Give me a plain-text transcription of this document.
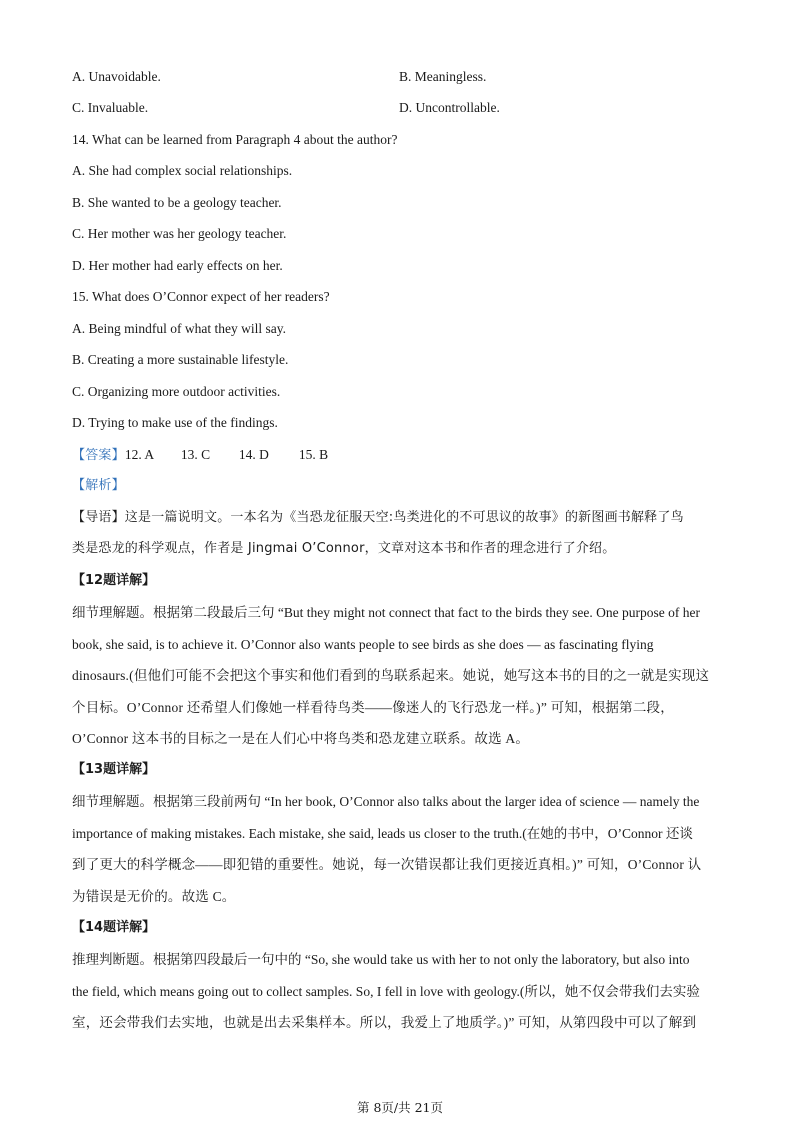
A. Unavoidable.	B. Meaningless.
C. Invaluable.	D. Uncontrollable.
14. What can be learned from Paragraph 4 about the author?
A. She had complex social relationships.
B. She wanted to be a geology teacher.
C. Her mother was her geology teacher.
D. Her mother had early effects on her.
15. What does O’Connor expect of her readers?
A. Being mindful of what they will say.
B. Creating a more sustainable lifestyle.
C. Organizing more outdoor activities.
D. Trying to make use of the findings.
【答案】12. A 13. C 14. D 15. B
【解析】
【导语】这是一篇说明文。一本名为《当恐龙征服天空:鸟类进化的不可思议的故事》的新图画书解释了鸟
类是恐龙的科学观点，作者是 Jingmai O’Connor，文章对这本书和作者的理念进行了介绍。
【12题详解】
细节理解题。根据第二段最后三句 “But they might not connect that fact to the birds they see. One purpose of her
book, she said, is to achieve it. O’Connor also wants people to see birds as she does — as fascinating flying
dinosaurs.(但他们可能不会把这个事实和他们看到的鸟联系起来。她说，她写这本书的目的之一就是实现这
个目标。O’Connor 还希望人们像她一样看待鸟类——像迷人的飞行恐龙一样。)” 可知，根据第二段，
O’Connor 这本书的目标之一是在人们心中将鸟类和恐龙建立联系。故选 A。
【13题详解】
细节理解题。根据第三段前两句 “In her book, O’Connor also talks about the larger idea of science — namely the
importance of making mistakes. Each mistake, she said, leads us closer to the truth.(在她的书中，O’Connor 还谈
到了更大的科学概念——即犯错的重要性。她说，每一次错误都让我们更接近真相。)” 可知，O’Connor 认
为错误是无价的。故选 C。
【14题详解】
推理判断题。根据第四段最后一句中的 “So, she would take us with her to not only the laboratory, but also into
the field, which means going out to collect samples. So, I fell in love with geology.(所以，她不仅会带我们去实验
室，还会带我们去实地，也就是出去采集样本。所以，我爱上了地质学。)” 可知，从第四段中可以了解到
第 8页/共 21页
